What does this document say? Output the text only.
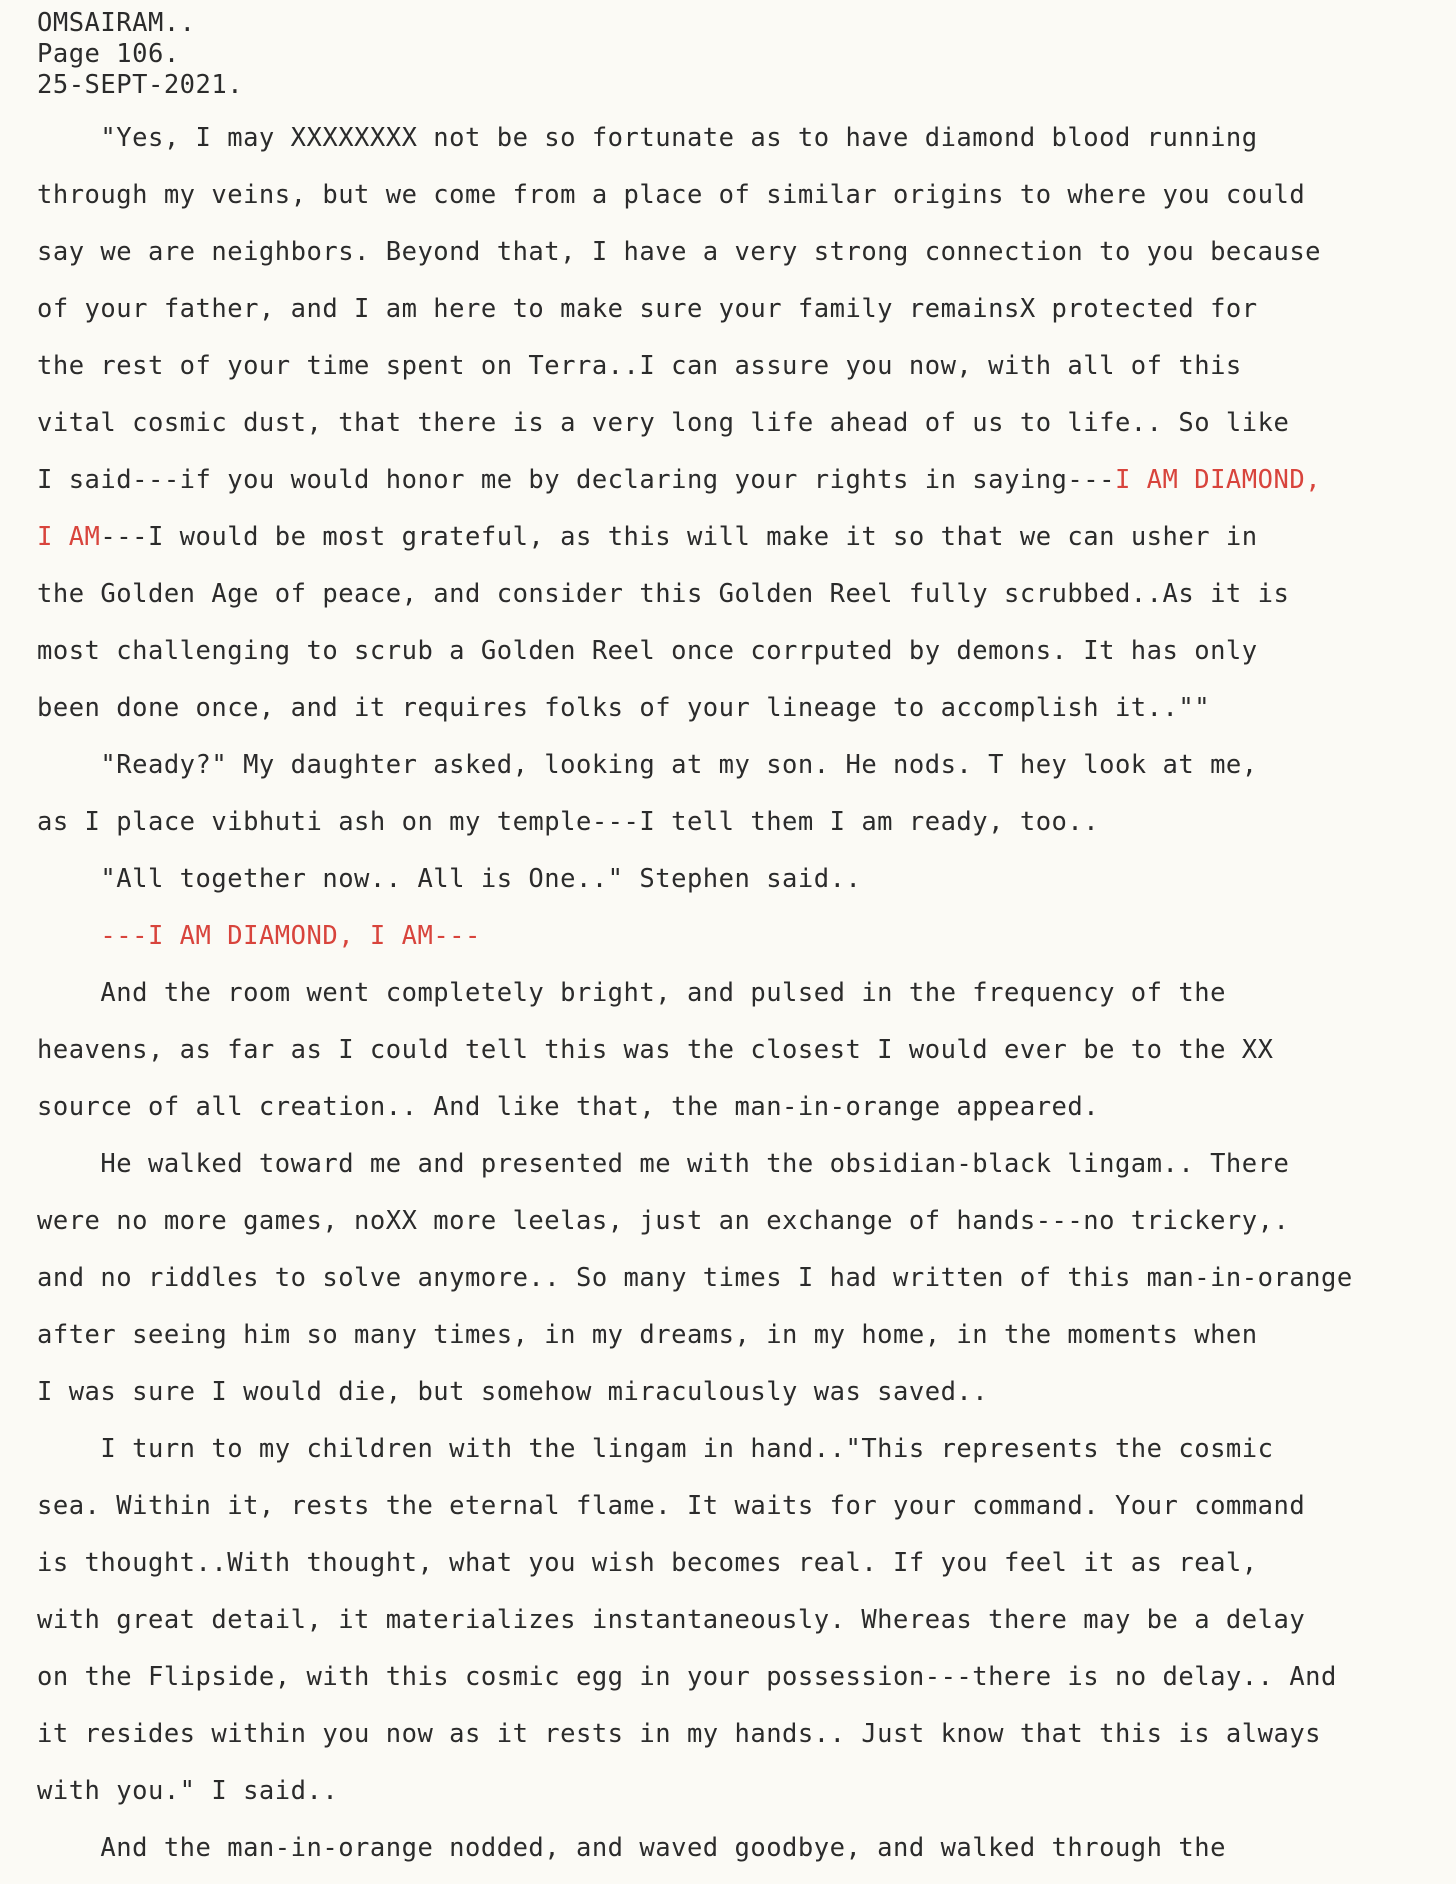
OMSAIRAM..
Page 106.
25-SEPT-2021.
"Yes, I may XXXXXXXX not be so fortunate as to have diamond blood running
through my veins, but we come from a place of similar origins to where you could
say we are neighbors. Beyond that, I have a very strong connection to you because
of your father, and I am here to make sure your family remainsX protected for
the rest of your time spent on Terra..I can assure you now, with all of this
vital cosmic dust, that there is a very long life ahead of us to life.. So like
I said---if you would honor me by declaring your rights in saying---I AM DIAMOND,
I AM---I would be most grateful, as this will make it so that we can usher in
the Golden Age of peace, and consider this Golden Reel fully scrubbed..As it is
most challenging to scrub a Golden Reel once corrputed by demons. It has only
been done once, and it requires folks of your lineage to accomplish it..""
"Ready?" My daughter asked, looking at my son. He nods. T hey look at me,
as I place vibhuti ash on my temple---I tell them I am ready, too..
"All together now.. All is One.." Stephen said..
---I AM DIAMOND, I AM---
And the room went completely bright, and pulsed in the frequency of the
heavens, as far as I could tell this was the closest I would ever be to the XX
source of all creation.. And like that, the man-in-orange appeared.
He walked toward me and presented me with the obsidian-black lingam.. There
were no more games, noXX more leelas, just an exchange of hands---no trickery,.
and no riddles to solve anymore.. So many times I had written of this man-in-orange
after seeing him so many times, in my dreams, in my home, in the moments when
I was sure I would die, but somehow miraculously was saved..
I turn to my children with the lingam in hand.."This represents the cosmic
sea. Within it, rests the eternal flame. It waits for your command. Your command
is thought..With thought, what you wish becomes real. If you feel it as real,
with great detail, it materializes instantaneously. Whereas there may be a delay
on the Flipside, with this cosmic egg in your possession---there is no delay.. And
it resides within you now as it rests in my hands.. Just know that this is always
with you." I said..
And the man-in-orange nodded, and waved goodbye, and walked through the
